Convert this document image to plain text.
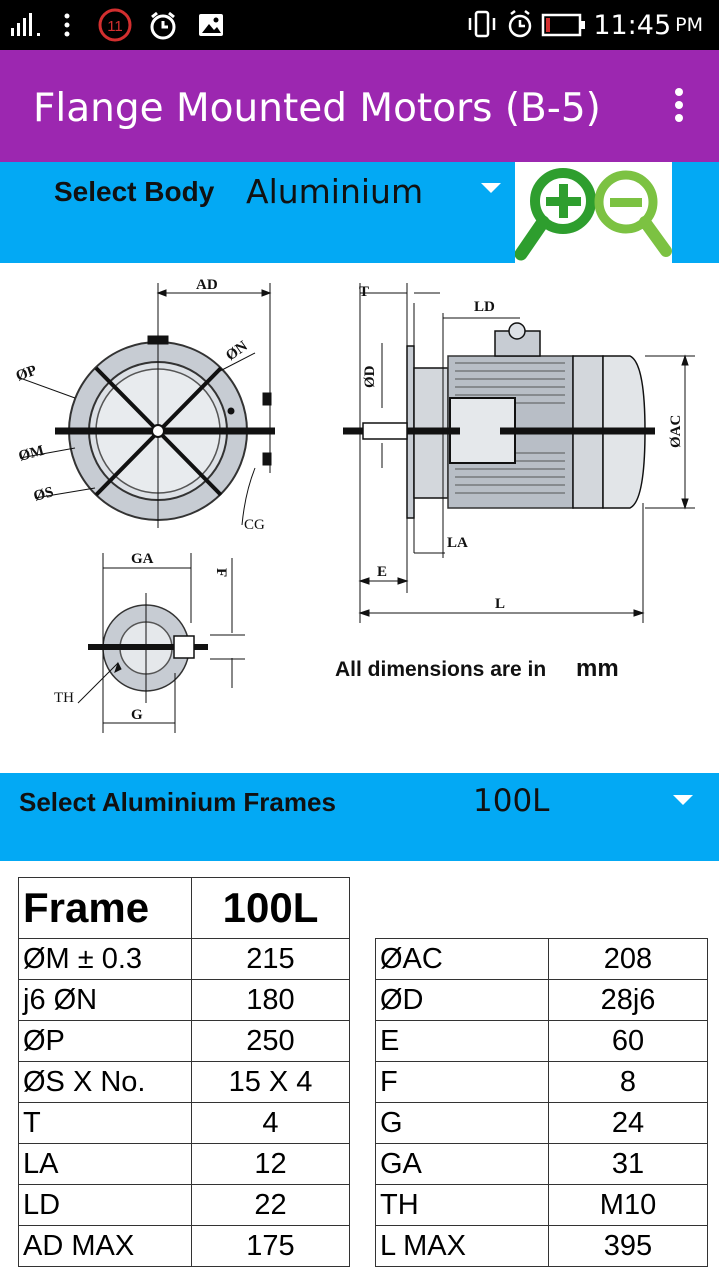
11	11:45 PM
Flange Mounted Motors (B-5)
Select Body Aluminium
AD
ØN
ØP
ØM
ØS
CG
T
LD
ØD
ØAC
LA
E
L
GA
F
TH
G
All dimensions are in mm
Select Aluminium Frames	100L
Frame	100L
ØM ± 0.3	215
j6 ØN	180
ØP	250
ØS X No.	15 X 4
T	4
LA	12
LD	22
AD MAX	175
ØAC	208
ØD	28j6
E	60
F	8
G	24
GA	31
TH	M10
L MAX	395
